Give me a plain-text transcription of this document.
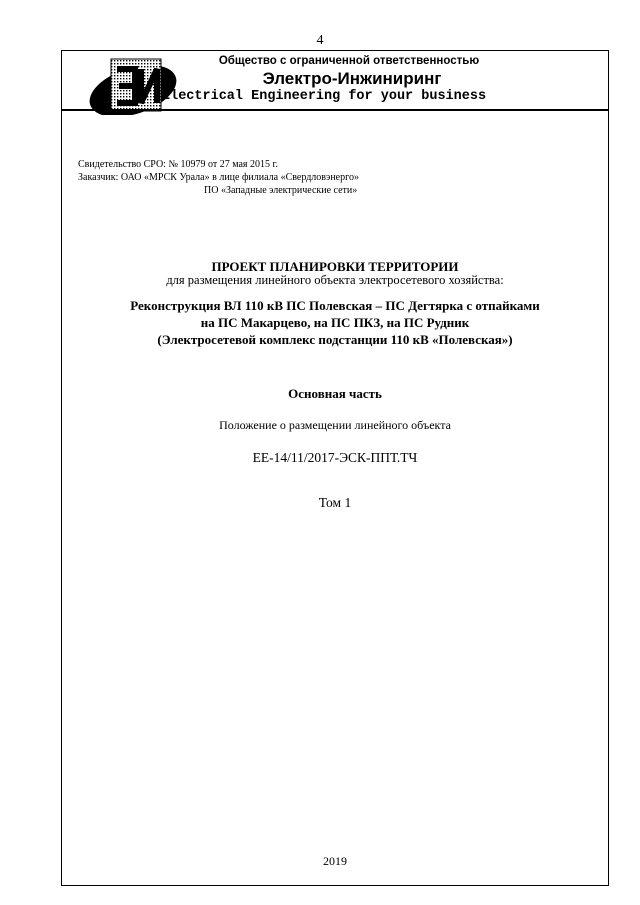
4
Общество с ограниченной ответственностью
Электро-Инжиниринг
Electrical Engineering for your business
Свидетельство СРО: № 10979 от 27 мая 2015 г.
Заказчик: ОАО «МРСК Урала» в лице филиала «Свердловэнерго»
ПО «Западные электрические сети»
ПРОЕКТ ПЛАНИРОВКИ ТЕРРИТОРИИ
для размещения линейного объекта электросетевого хозяйства:
Реконструкция ВЛ 110 кВ ПС Полевская – ПС Дегтярка с отпайками
на ПС Макарцево, на ПС ПКЗ, на ПС Рудник
(Электросетевой комплекс подстанции 110 кВ «Полевская»)
Основная часть
Положение о размещении линейного объекта
ЕЕ-14/11/2017-ЭСК-ППТ.ТЧ
Том 1
2019
